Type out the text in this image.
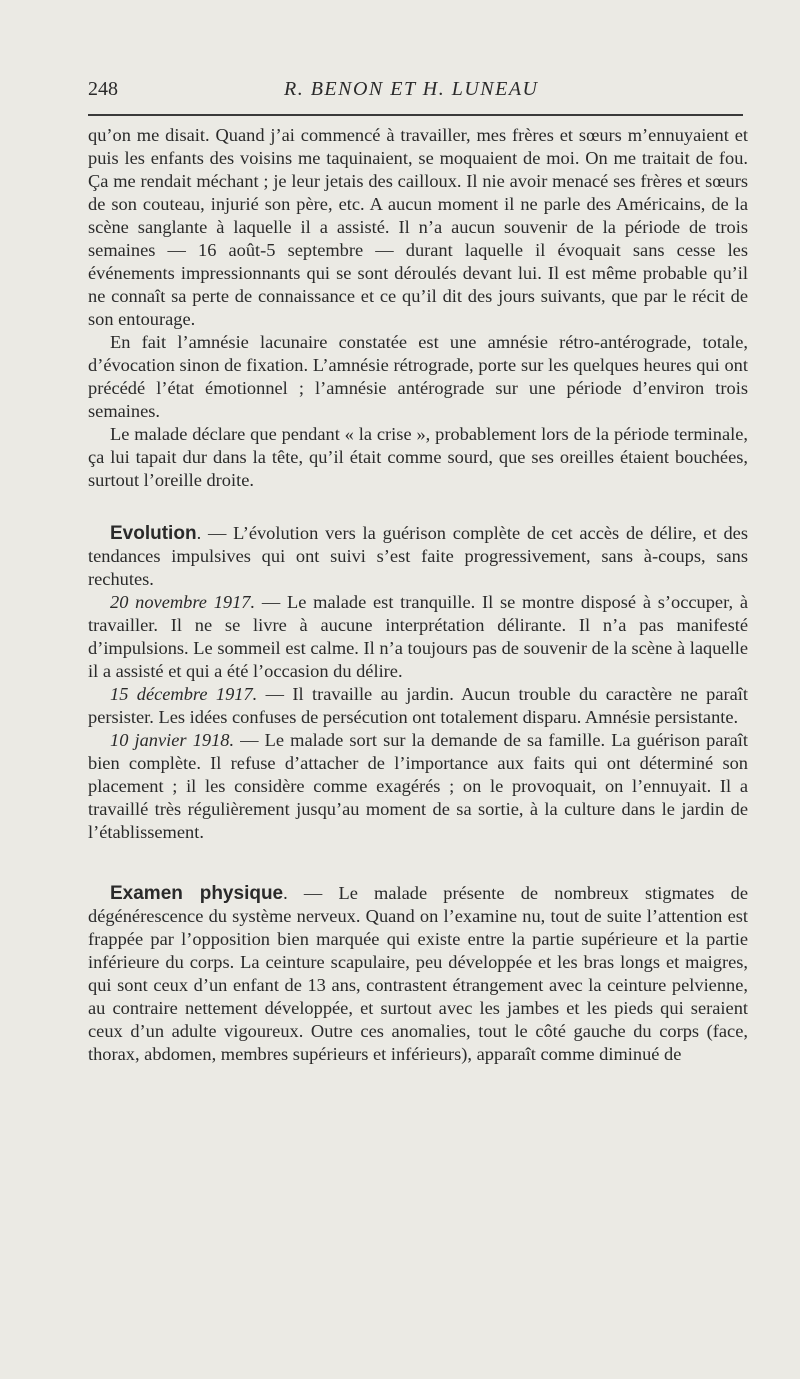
248	R. BENON ET H. LUNEAU

qu’on me disait. Quand j’ai commencé à travailler, mes frères et sœurs m’ennuyaient et puis les enfants des voisins me taquinaient, se moquaient de moi. On me traitait de fou. Ça me rendait méchant ; je leur jetais des cailloux. Il nie avoir menacé ses frères et sœurs de son couteau, injurié son père, etc. A aucun moment il ne parle des Américains, de la scène sanglante à laquelle il a assisté. Il n’a aucun souvenir de la période de trois semaines — 16 août-5 septembre — durant laquelle il évoquait sans cesse les événements impressionnants qui se sont déroulés devant lui. Il est même probable qu’il ne connaît sa perte de connaissance et ce qu’il dit des jours suivants, que par le récit de son entourage.

En fait l’amnésie lacunaire constatée est une amnésie rétro-antérograde, totale, d’évocation sinon de fixation. L’amnésie rétrograde, porte sur les quelques heures qui ont précédé l’état émotionnel ; l’amnésie antérograde sur une période d’environ trois semaines.

Le malade déclare que pendant « la crise », probablement lors de la période terminale, ça lui tapait dur dans la tête, qu’il était comme sourd, que ses oreilles étaient bouchées, surtout l’oreille droite.

Evolution. — L’évolution vers la guérison complète de cet accès de délire, et des tendances impulsives qui ont suivi s’est faite progressivement, sans à-coups, sans rechutes.

20 novembre 1917. — Le malade est tranquille. Il se montre disposé à s’occuper, à travailler. Il ne se livre à aucune interprétation délirante. Il n’a pas manifesté d’impulsions. Le sommeil est calme. Il n’a toujours pas de souvenir de la scène à laquelle il a assisté et qui a été l’occasion du délire.

15 décembre 1917. — Il travaille au jardin. Aucun trouble du caractère ne paraît persister. Les idées confuses de persécution ont totalement disparu. Amnésie persistante.

10 janvier 1918. — Le malade sort sur la demande de sa famille. La guérison paraît bien complète. Il refuse d’attacher de l’importance aux faits qui ont déterminé son placement ; il les considère comme exagérés ; on le provoquait, on l’ennuyait. Il a travaillé très régulièrement jusqu’au moment de sa sortie, à la culture dans le jardin de l’établissement.

Examen physique. — Le malade présente de nombreux stigmates de dégénérescence du système nerveux. Quand on l’examine nu, tout de suite l’attention est frappée par l’opposition bien marquée qui existe entre la partie supérieure et la partie inférieure du corps. La ceinture scapulaire, peu développée et les bras longs et maigres, qui sont ceux d’un enfant de 13 ans, contrastent étrangement avec la ceinture pelvienne, au contraire nettement développée, et surtout avec les jambes et les pieds qui seraient ceux d’un adulte vigoureux. Outre ces anomalies, tout le côté gauche du corps (face, thorax, abdomen, membres supérieurs et inférieurs), apparaît comme diminué de
